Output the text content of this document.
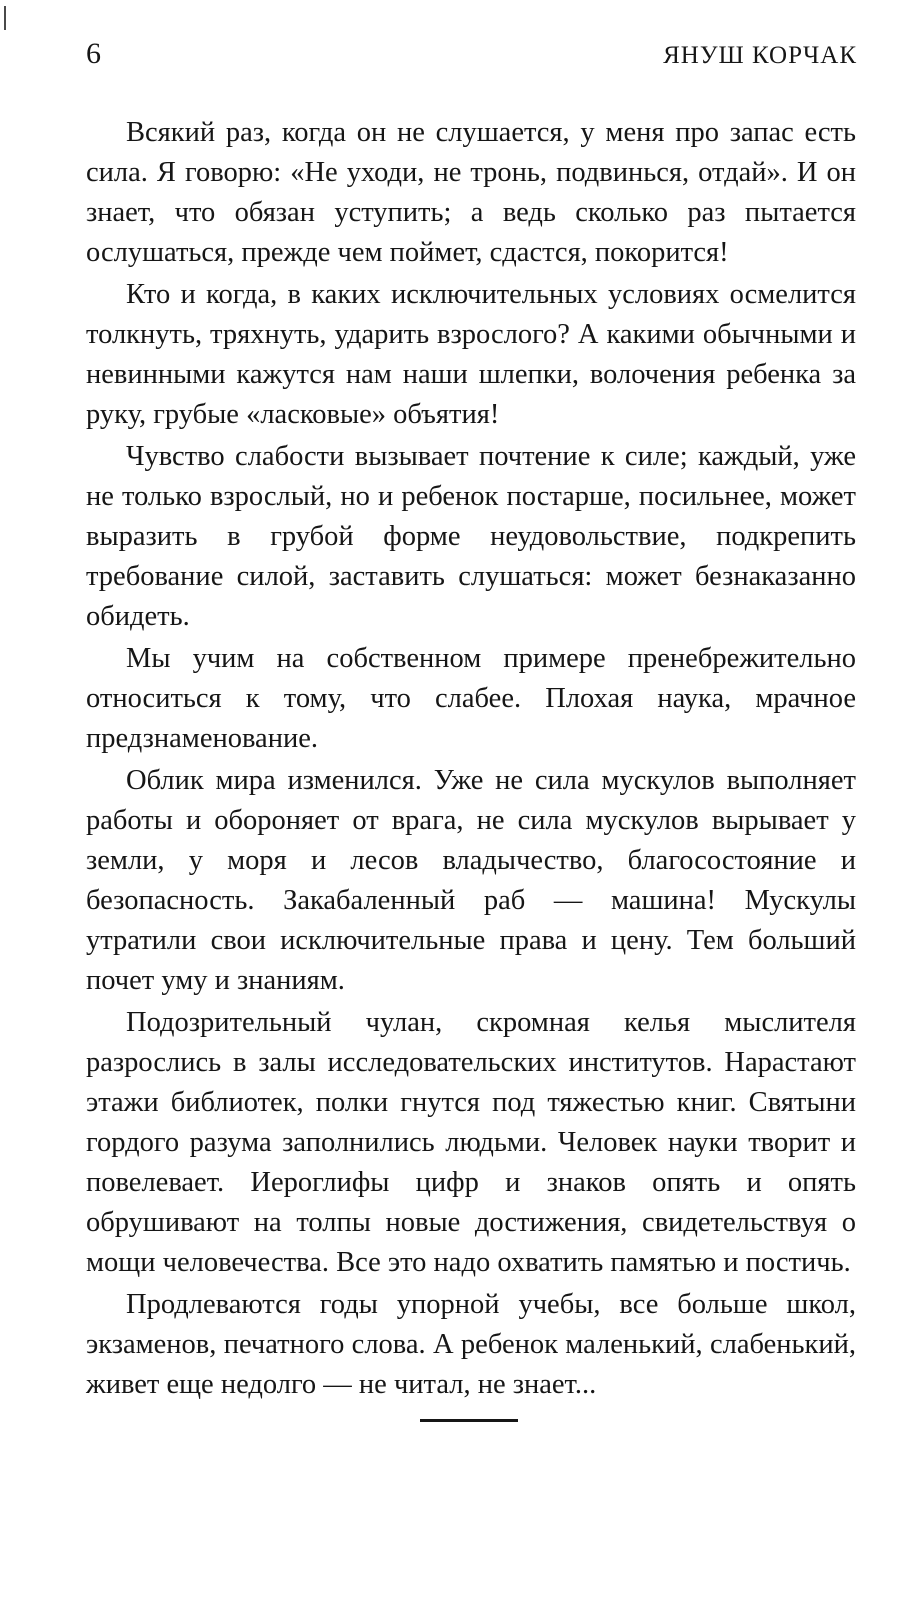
6	ЯНУШ КОРЧАК

Всякий раз, когда он не слушается, у меня про запас есть сила. Я говорю: «Не уходи, не тронь, подвинься, отдай». И он знает, что обязан уступить; а ведь сколько раз пытается ослушаться, прежде чем поймет, сдастся, покорится!

Кто и когда, в каких исключительных условиях осмелится толкнуть, тряхнуть, ударить взрослого? А какими обычными и невинными кажутся нам наши шлепки, волочения ребенка за руку, грубые «ласковые» объятия!

Чувство слабости вызывает почтение к силе; каждый, уже не только взрослый, но и ребенок постарше, посильнее, может выразить в грубой форме неудовольствие, подкрепить требование силой, заставить слушаться: может безнаказанно обидеть.

Мы учим на собственном примере пренебрежительно относиться к тому, что слабее. Плохая наука, мрачное предзнаменование.

Облик мира изменился. Уже не сила мускулов выполняет работы и обороняет от врага, не сила мускулов вырывает у земли, у моря и лесов владычество, благосостояние и безопасность. Закабаленный раб — машина! Мускулы утратили свои исключительные права и цену. Тем больший почет уму и знаниям.

Подозрительный чулан, скромная келья мыслителя разрослись в залы исследовательских институтов. Нарастают этажи библиотек, полки гнутся под тяжестью книг. Святыни гордого разума заполнились людьми. Человек науки творит и повелевает. Иероглифы цифр и знаков опять и опять обрушивают на толпы новые достижения, свидетельствуя о мощи человечества. Все это надо охватить памятью и постичь.

Продлеваются годы упорной учебы, все больше школ, экзаменов, печатного слова. А ребенок маленький, слабенький, живет еще недолго — не читал, не знает...
